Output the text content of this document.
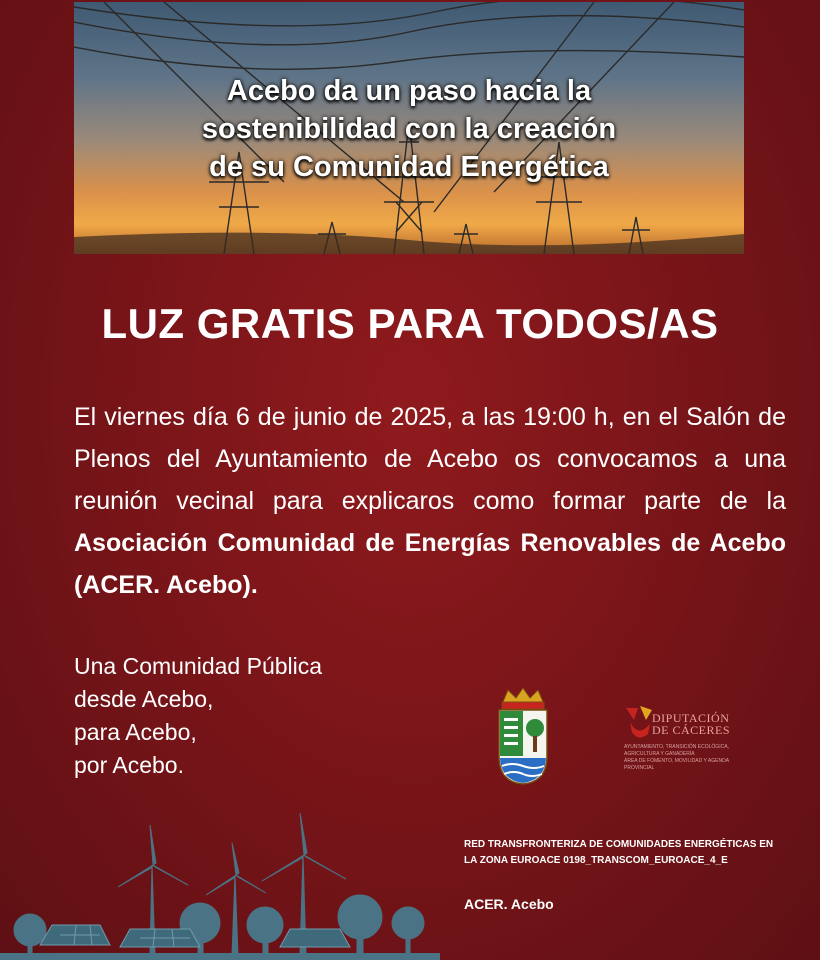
Acebo da un paso hacia la
sostenibilidad con la creación
de su Comunidad Energética
LUZ GRATIS PARA TODOS/AS
El viernes día 6 de junio de 2025, a las 19:00 h, en el Salón de Plenos del Ayuntamiento de Acebo os convocamos a una reunión vecinal para explicaros como formar parte de la Asociación Comunidad de Energías Renovables de Acebo (ACER. Acebo).
Una Comunidad Pública
desde Acebo,
para Acebo,
por Acebo.
DIPUTACIÓN
DE CÁCERES
AYUNTAMIENTO, TRANSICIÓN ECOLÓGICA, AGRICULTURA Y GANADERÍA
ÁREA DE FOMENTO, MOVILIDAD Y AGENDA PROVINCIAL
RED TRANSFRONTERIZA DE COMUNIDADES ENERGÉTICAS EN
LA ZONA EUROACE 0198_TRANSCOM_EUROACE_4_E
ACER. Acebo
